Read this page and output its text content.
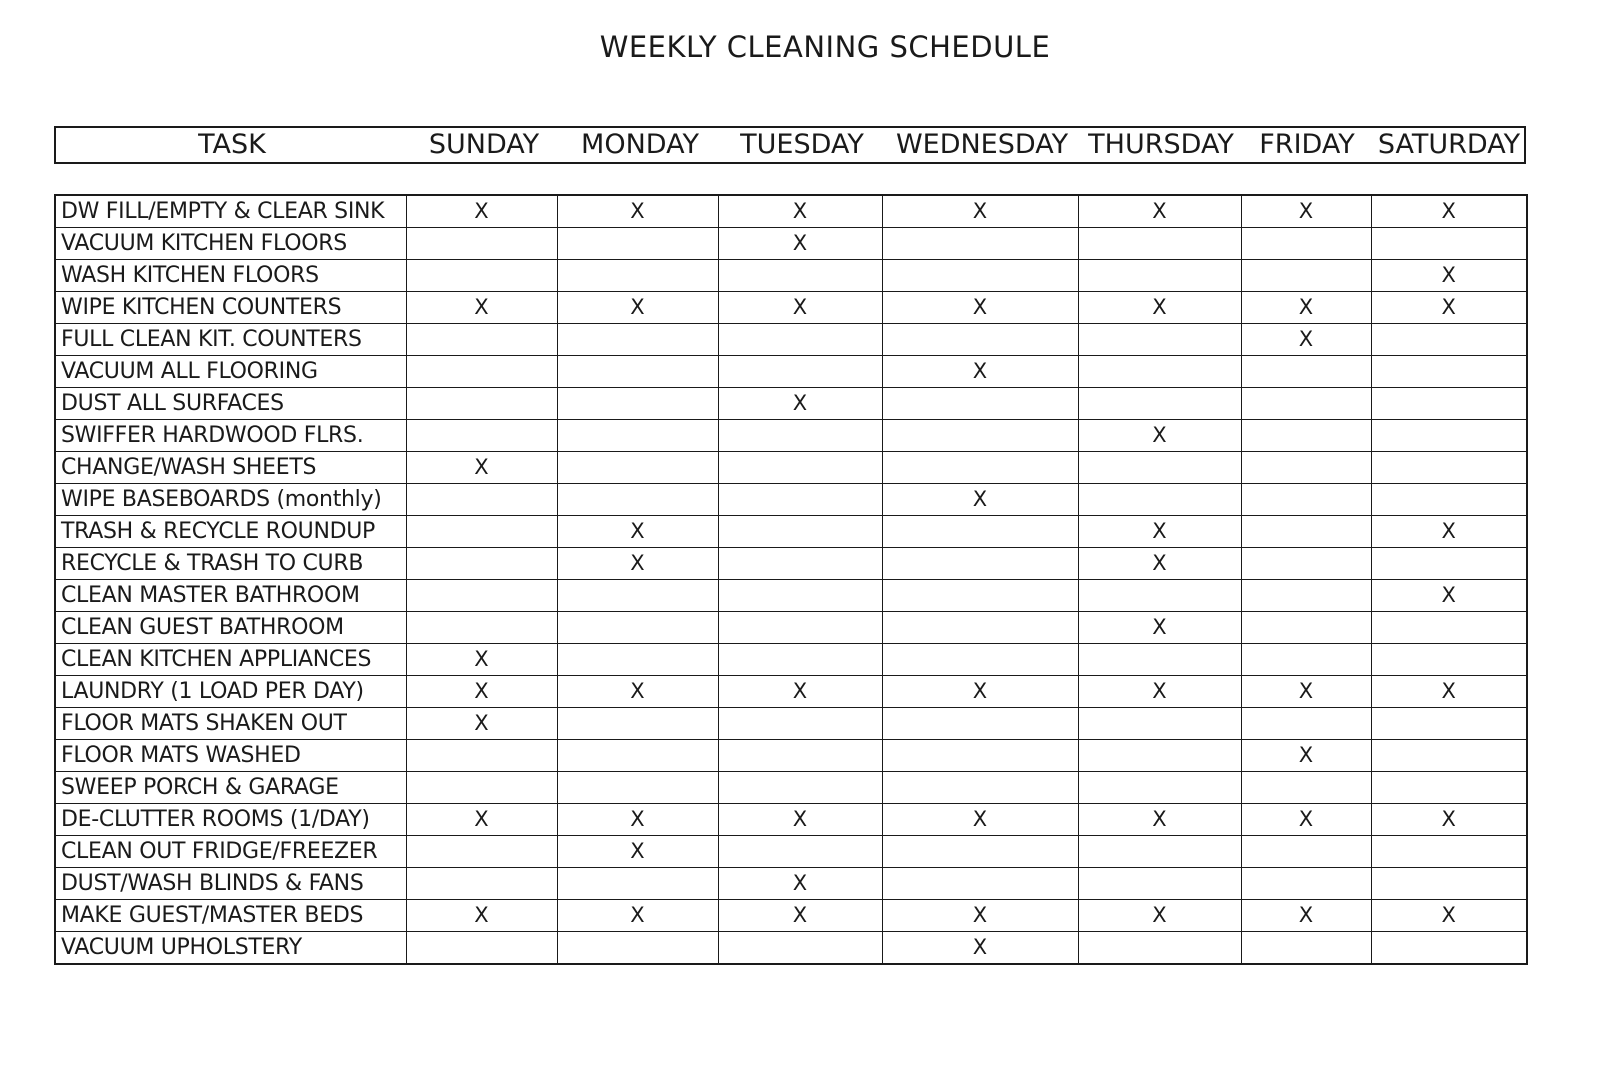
WEEKLY CLEANING SCHEDULE
TASK	SUNDAY	MONDAY	TUESDAY	WEDNESDAY THURSDAY FRIDAY SATURDAY
DW FILL/EMPTY & CLEAR SINK	X	X	X	X	X	X	X
VACUUM KITCHEN FLOORS			X				
WASH KITCHEN FLOORS							X
WIPE KITCHEN COUNTERS	X	X	X	X	X	X	X
FULL CLEAN KIT. COUNTERS						X	
VACUUM ALL FLOORING				X			
DUST ALL SURFACES			X				
SWIFFER HARDWOOD FLRS.					X		
CHANGE/WASH SHEETS	X						
WIPE BASEBOARDS (monthly)				X			
TRASH & RECYCLE ROUNDUP		X			X		X
RECYCLE & TRASH TO CURB		X			X		
CLEAN MASTER BATHROOM							X
CLEAN GUEST BATHROOM					X		
CLEAN KITCHEN APPLIANCES	X						
LAUNDRY (1 LOAD PER DAY)	X	X	X	X	X	X	X
FLOOR MATS SHAKEN OUT	X						
FLOOR MATS WASHED						X	
SWEEP PORCH & GARAGE							
DE-CLUTTER ROOMS (1/DAY)	X	X	X	X	X	X	X
CLEAN OUT FRIDGE/FREEZER		X					
DUST/WASH BLINDS & FANS			X				
MAKE GUEST/MASTER BEDS	X	X	X	X	X	X	X
VACUUM UPHOLSTERY				X			
